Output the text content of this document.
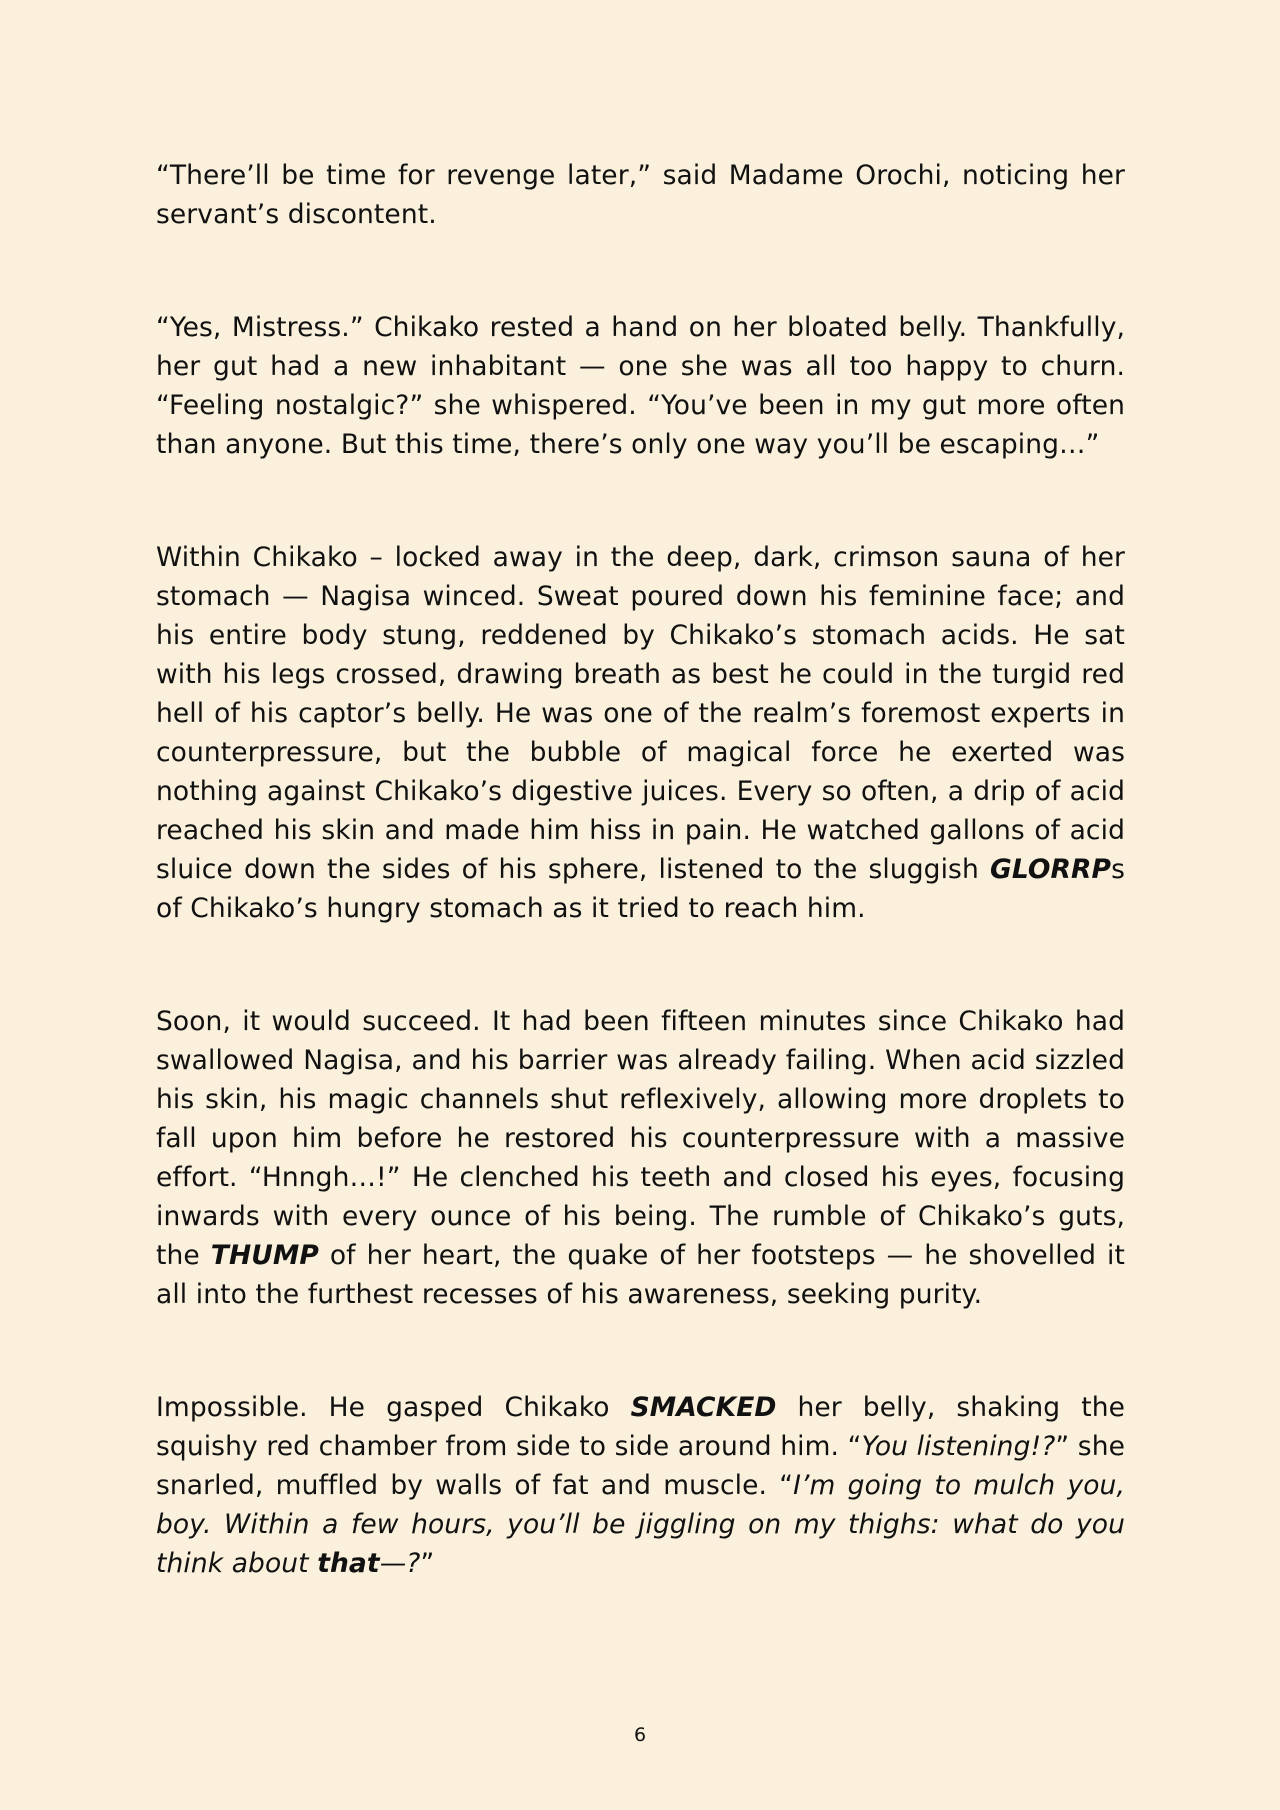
“There’ll be time for revenge later,” said Madame Orochi, noticing her servant’s discontent.

“Yes, Mistress.” Chikako rested a hand on her bloated belly. Thankfully, her gut had a new inhabitant — one she was all too happy to churn. “Feeling nostalgic?” she whispered. “You’ve been in my gut more often than anyone. But this time, there’s only one way you’ll be escaping…”

Within Chikako – locked away in the deep, dark, crimson sauna of her stomach — Nagisa winced. Sweat poured down his feminine face; and his entire body stung, reddened by Chikako’s stomach acids. He sat with his legs crossed, drawing breath as best he could in the turgid red hell of his captor’s belly. He was one of the realm’s foremost experts in counterpressure, but the bubble of magical force he exerted was nothing against Chikako’s digestive juices. Every so often, a drip of acid reached his skin and made him hiss in pain. He watched gallons of acid sluice down the sides of his sphere, listened to the sluggish GLORRPs of Chikako’s hungry stomach as it tried to reach him.

Soon, it would succeed. It had been fifteen minutes since Chikako had swallowed Nagisa, and his barrier was already failing. When acid sizzled his skin, his magic channels shut reflexively, allowing more droplets to fall upon him before he restored his counterpressure with a massive effort. “Hnngh…!” He clenched his teeth and closed his eyes, focusing inwards with every ounce of his being. The rumble of Chikako’s guts, the THUMP of her heart, the quake of her footsteps — he shovelled it all into the furthest recesses of his awareness, seeking purity.

Impossible. He gasped Chikako SMACKED her belly, shaking the squishy red chamber from side to side around him. “You listening!?” she snarled, muffled by walls of fat and muscle. “I’m going to mulch you, boy. Within a few hours, you’ll be jiggling on my thighs: what do you think about that—?”

6
